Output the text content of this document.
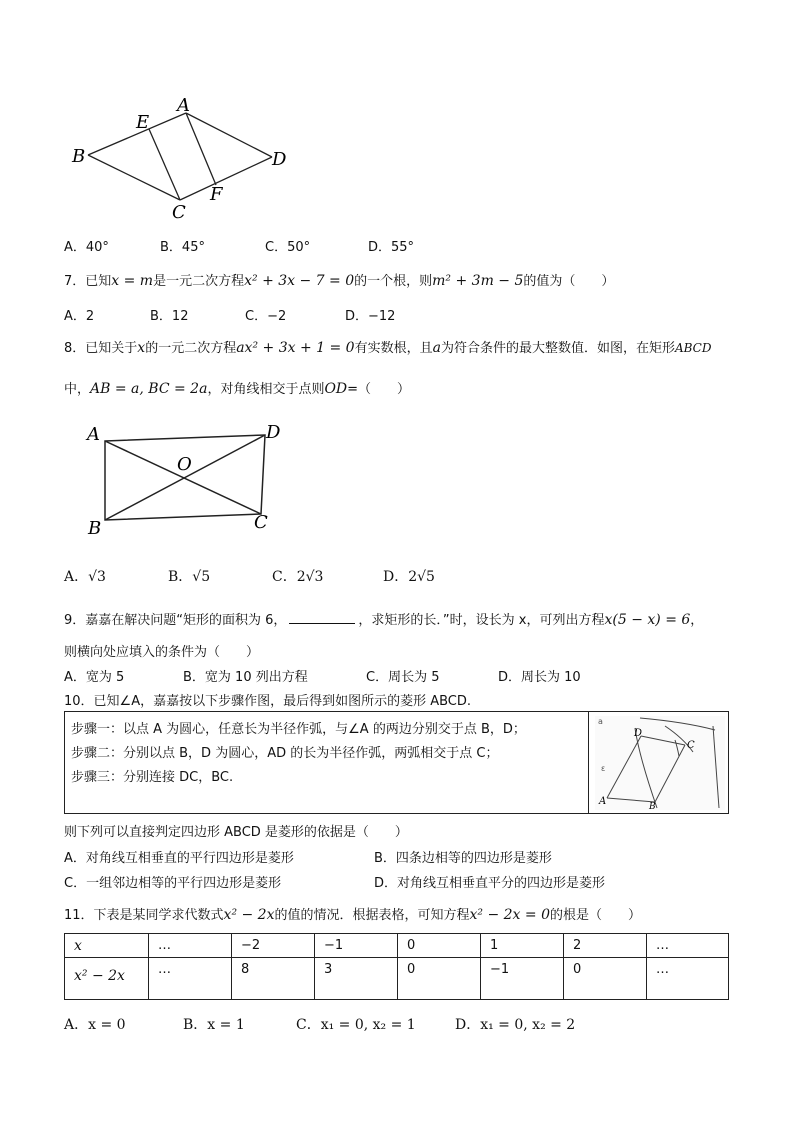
A
E
B	D
F
C
A．40°	B．45°	C．50°	D．55°
7．已知x = m是一元二次方程x² + 3x − 7 = 0的一个根，则m² + 3m − 5的值为（　　）
A．2	B．12	C．−2	D．−12
8．已知关于x的一元二次方程ax² + 3x + 1 = 0有实数根，且a为符合条件的最大整数值．如图，在矩形ABCD
中，AB = a, BC = 2a，对角线相交于点则OD=（　　）
A	D
O
B	C
A．√3	B．√5	C．2√3	D．2√5
9．嘉嘉在解决问题“矩形的面积为 6，	，求矩形的长．”时，设长为 x，可列出方程x(5 − x) = 6，
则横向处应填入的条件为（　　）
A．宽为 5	B．宽为 10 列出方程	C．周长为 5	D．周长为 10
10．已知∠A，嘉嘉按以下步骤作图，最后得到如图所示的菱形 ABCD.
步骤一：以点 A 为圆心，任意长为半径作弧，与∠A 的两边分别交于点 B，D；
步骤二：分别以点 B，D 为圆心，AD 的长为半径作弧，两弧相交于点 C；
步骤三：分别连接 DC，BC.
a
ε
D
C
A	B
则下列可以直接判定四边形 ABCD 是菱形的依据是（　　）
A．对角线互相垂直的平行四边形是菱形	B．四条边相等的四边形是菱形
C．一组邻边相等的平行四边形是菱形	D．对角线互相垂直平分的四边形是菱形
11．下表是某同学求代数式x² − 2x的值的情况．根据表格，可知方程x² − 2x = 0的根是（　　）
x	…	−2	−1	0	1	2	…
x² − 2x	…	8	3	0	−1	0	…
A．x = 0	B．x = 1	C．x₁ = 0, x₂ = 1	D．x₁ = 0, x₂ = 2
